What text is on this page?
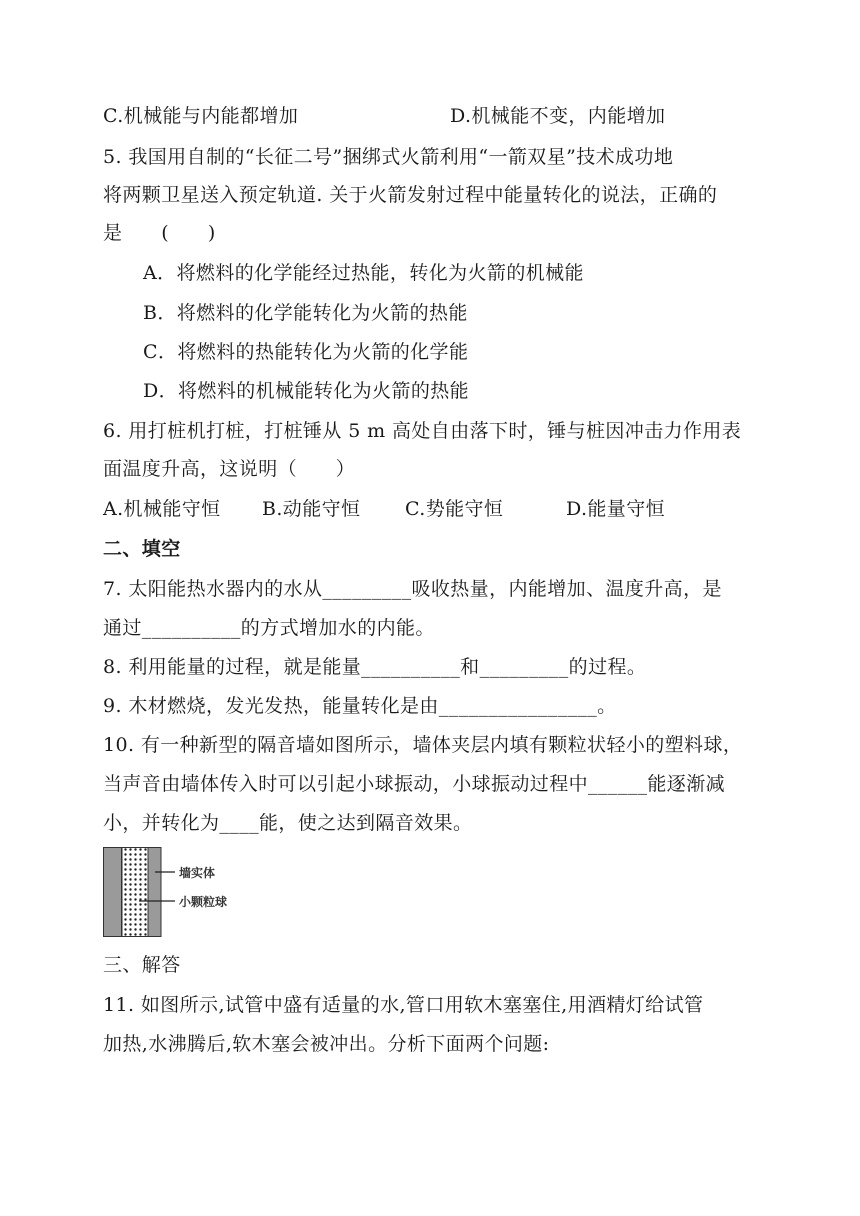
C.机械能与内能都增加	D.机械能不变，内能增加
5. 我国用自制的“长征二号”捆绑式火箭利用“一箭双星”技术成功地
将两颗卫星送入预定轨道. 关于火箭发射过程中能量转化的说法，正确的
是　　(　　)
A．将燃料的化学能经过热能，转化为火箭的机械能
B．将燃料的化学能转化为火箭的热能
C．将燃料的热能转化为火箭的化学能
D．将燃料的机械能转化为火箭的热能
6. 用打桩机打桩，打桩锤从 5 m 高处自由落下时，锤与桩因冲击力作用表
面温度升高，这说明（　　）
A.机械能守恒 B.动能守恒 C.势能守恒	D.能量守恒
二、填空
7. 太阳能热水器内的水从_________吸收热量，内能增加、温度升高，是
通过__________的方式增加水的内能。
8. 利用能量的过程，就是能量__________和_________的过程。
9. 木材燃烧，发光发热，能量转化是由________________。
10. 有一种新型的隔音墙如图所示，墙体夹层内填有颗粒状轻小的塑料球，
当声音由墙体传入时可以引起小球振动，小球振动过程中______能逐渐减
小，并转化为____能，使之达到隔音效果。
墙实体
小颗粒球
三、解答
11. 如图所示,试管中盛有适量的水,管口用软木塞塞住,用酒精灯给试管
加热,水沸腾后,软木塞会被冲出。分析下面两个问题:
